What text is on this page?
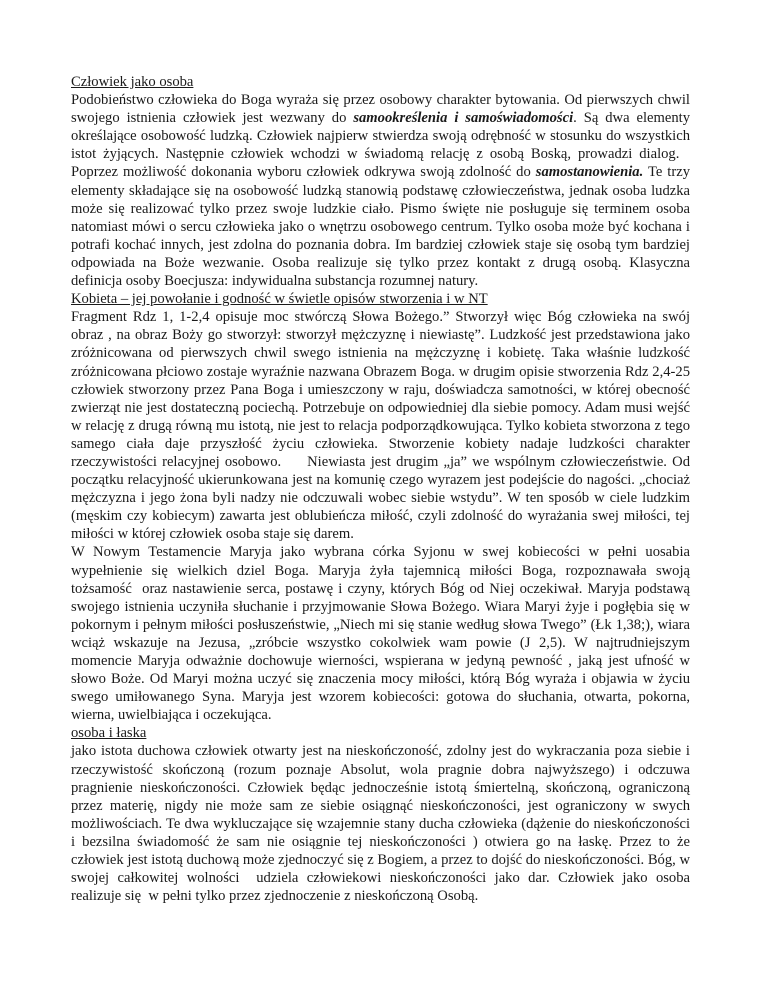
Człowiek jako osoba

Podobieństwo człowieka do Boga wyraża się przez osobowy charakter bytowania. Od pierwszych chwil swojego istnienia człowiek jest wezwany do samookreślenia i samoświadomości. Są dwa elementy określające osobowość ludzką. Człowiek najpierw stwierdza swoją odrębność w stosunku do wszystkich istot żyjących. Następnie człowiek wchodzi w świadomą relację z osobą Boską, prowadzi dialog.   Poprzez możliwość dokonania wyboru człowiek odkrywa swoją zdolność do samostanowienia. Te trzy elementy składające się na osobowość ludzką stanowią podstawę człowieczeństwa, jednak osoba ludzka może się realizować tylko przez swoje ludzkie ciało. Pismo święte nie posługuje się terminem osoba natomiast mówi o sercu człowieka jako o wnętrzu osobowego centrum. Tylko osoba może być kochana i potrafi kochać innych, jest zdolna do poznania dobra. Im bardziej człowiek staje się osobą tym bardziej odpowiada na Boże wezwanie. Osoba realizuje się tylko przez kontakt z drugą osobą. Klasyczna definicja osoby Boecjusza: indywidualna substancja rozumnej natury.

Kobieta – jej powołanie i godność w świetle opisów stworzenia i w NT

Fragment Rdz 1, 1-2,4 opisuje moc stwórczą Słowa Bożego.” Stworzył więc Bóg człowieka na swój obraz , na obraz Boży go stworzył: stworzył mężczyznę i niewiastę”. Ludzkość jest przedstawiona jako zróżnicowana od pierwszych chwil swego istnienia na mężczyznę i kobietę. Taka właśnie ludzkość zróżnicowana płciowo zostaje wyraźnie nazwana Obrazem Boga. w drugim opisie stworzenia Rdz 2,4-25 człowiek stworzony przez Pana Boga i umieszczony w raju, doświadcza samotności, w której obecność zwierząt nie jest dostateczną pociechą. Potrzebuje on odpowiedniej dla siebie pomocy. Adam musi wejść w relację z drugą równą mu istotą, nie jest to relacja podporządkowująca. Tylko kobieta stworzona z tego samego ciała daje przyszłość życiu człowieka. Stworzenie kobiety nadaje ludzkości charakter rzeczywistości relacyjnej osobowo.     Niewiasta jest drugim „ja” we wspólnym człowieczeństwie. Od początku relacyjność ukierunkowana jest na komunię czego wyrazem jest podejście do nagości. „chociaż mężczyzna i jego żona byli nadzy nie odczuwali wobec siebie wstydu”. W ten sposób w ciele ludzkim (męskim czy kobiecym) zawarta jest oblubieńcza miłość, czyli zdolność do wyrażania swej miłości, tej miłości w której człowiek osoba staje się darem.

W Nowym Testamencie Maryja jako wybrana córka Syjonu w swej kobiecości w pełni uosabia wypełnienie się wielkich dziel Boga. Maryja żyła tajemnicą miłości Boga, rozpoznawała swoją tożsamość  oraz nastawienie serca, postawę i czyny, których Bóg od Niej oczekiwał. Maryja podstawą swojego istnienia uczyniła słuchanie i przyjmowanie Słowa Bożego. Wiara Maryi żyje i pogłębia się w pokornym i pełnym miłości posłuszeństwie, „Niech mi się stanie według słowa Twego” (Łk 1,38;), wiara wciąż wskazuje na Jezusa, „zróbcie wszystko cokolwiek wam powie (J 2,5). W najtrudniejszym momencie Maryja odważnie dochowuje wierności, wspierana w jedyną pewność , jaką jest ufność w słowo Boże. Od Maryi można uczyć się znaczenia mocy miłości, którą Bóg wyraża i objawia w życiu swego umiłowanego Syna. Maryja jest wzorem kobiecości: gotowa do słuchania, otwarta, pokorna, wierna, uwielbiająca i oczekująca.

osoba i łaska

jako istota duchowa człowiek otwarty jest na nieskończoność, zdolny jest do wykraczania poza siebie i rzeczywistość skończoną (rozum poznaje Absolut, wola pragnie dobra najwyższego) i odczuwa pragnienie nieskończoności. Człowiek będąc jednocześnie istotą śmiertelną, skończoną, ograniczoną przez materię, nigdy nie może sam ze siebie osiągnąć nieskończoności, jest ograniczony w swych możliwościach. Te dwa wykluczające się wzajemnie stany ducha człowieka (dążenie do nieskończoności i bezsilna świadomość że sam nie osiągnie tej nieskończoności ) otwiera go na łaskę. Przez to że człowiek jest istotą duchową może zjednoczyć się z Bogiem, a przez to dojść do nieskończoności. Bóg, w swojej całkowitej wolności  udziela człowiekowi nieskończoności jako dar. Człowiek jako osoba realizuje się  w pełni tylko przez zjednoczenie z nieskończoną Osobą.
